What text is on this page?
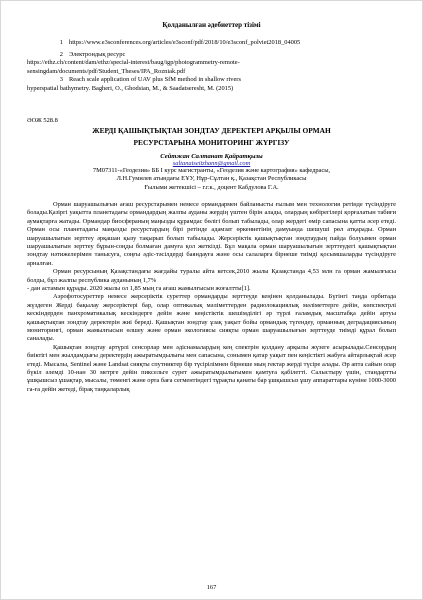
Қолданылған әдебиеттер тізімі

1 https://www.e3sconferences.org/articles/e3sconf/pdf/2018/10/e3sconf_polviet2018_04005

2 Электрондық ресурс

https://ethz.ch/content/dam/ethz/special-interest/baug/igp/photogrammetry-remote-sensingdam/documents/pdf/Student_Theses/IPA_Rozniak.pdf

3 Reach scale application of UAV plus SfM method in shallow rivers

hyperspatial bathymetry. Bagheri, O., Ghodsian, M., & Saadatseresht, M. (2015)

ӘОЖ 528.8

ЖЕРДІ ҚАШЫҚТЫҚТАН ЗОНДТАУ ДЕРЕКТЕРІ АРҚЫЛЫ ОРМАН

РЕСУРСТАРЫНА МОНИТОРИНГ ЖҮРГІЗУ

Сейтжан Салтанат Қайратқызы

saltanatseitzhann@gmail.com

7М07311-«Геодезия» ББ I курс магистранты, «Геодезия және картография» кафедрасы,

Л.Н.Гумилев атындағы ЕҰУ, Нұр-Сұлтан қ., Қазақстан Республикасы

Ғылыми жетекшісі – г.г.к., доцент Кабдулова Г.А.

Орман шаруашылығын ағаш ресурстарымен немесе ормандармен байланысты ғылым мен технология ретінде түсіндіруге болады.Қазіргі уақытта планетадағы ормандардың жалпы ауданы жердің үштен бірін алады, олардың көбірегілері қорғалатын табиғи аумақтарға жатады. Ормандар биосфераның маңызды құрамдас бөлігі болып табылады, олар жердегі өмір сапасына қатты әсер етеді. Орман осы планетадағы маңызды ресурстардың бірі ретінде адамзат өркениетінің дамуында шешуші рөл атқарады. Орман шаруашылығын зерттеу әрқашан қызу тақырып болып табылады. Жерсеріктік қашықтықтан зондтаудың пайда болуымен орман шаруашылығын зерттеу бұрын-соңды болмаған дамуға қол жеткізді. Бұл мақала орман шаруашылығын зерттеудегі қашықтықтан зондтау нәтижелерімен танысуға, соңғы әдіс-тәсілдерді баяндауға және осы салаларға бірнеше тиімді қосымшаларды түсіндіруге арналған.

Орман ресурсының Қазақстандағы жағдайы туралы айта кетсек,2010 жылы Қазақстанда 4,53 млн га орман жамылғысы болды, бұл жалпы республика ауданының 1,7%

- дан астамын құрады. 2020 жылы ол 1,85 мың га ағаш жамылғысын жоғалтты[1].

Аэрофотосуреттер немесе жерсеріктік суреттер ормандарды зерттеуде кеңінен қолданылады. Бүгінгі таңда орбитада жүздеген Жерді бақылау жерсеріктері бар, олар оптикалық мәліметтерден радиолокациялық мәліметтерге дейін, көпспектрлі кескіндерден панхроматикалық кескіндерге дейін және кеңістіктік шешімділігі әр түрлі ғаламдық масштабқа дейін артуы қашықтықтан зондтау деректерін жиі береді. Қашықтан зондтау ұзақ уақыт бойы ормандық түгендеу, орманның деградациясының мониторингі, орман жамылғысын өлшеу және орман экологиясы сияқты орман шаруашылығын зерттеуде тиімді құрал болып саналады.

Қашықтан зондтау артүрлі сенсорлар мен әдіснамалардың кең спектрін қолдану арқылы жүзеге асырылады.Сенсордың биіктігі мен жылдамдығы деректердің ажыратымдылығы мен сапасына, сонымен қатар уақыт пен кеңістікті жабуға айтарлықтай әсер етеді. Мысалы, Sentinel және Landsat сияқты спутниктер бір түсірілімнен бірнеше мың гектар жерді түсіре алады. Әр апта сайын олар бүкіл әлемді 10-нан 30 метрге дейін пиксельге сурет ажыратымдылығымен қамтуға қабілетті. Салыстыру үшін, стандартты ұшқышсыз ұшақтар, мысалы, төменгі және орта баға сегментіндегі тұрақты қанаты бар ұшқышсыз ұшу аппараттары күніне 1000-3000 га-ға дейін жетеді, бірақ таңқаларлық

167
